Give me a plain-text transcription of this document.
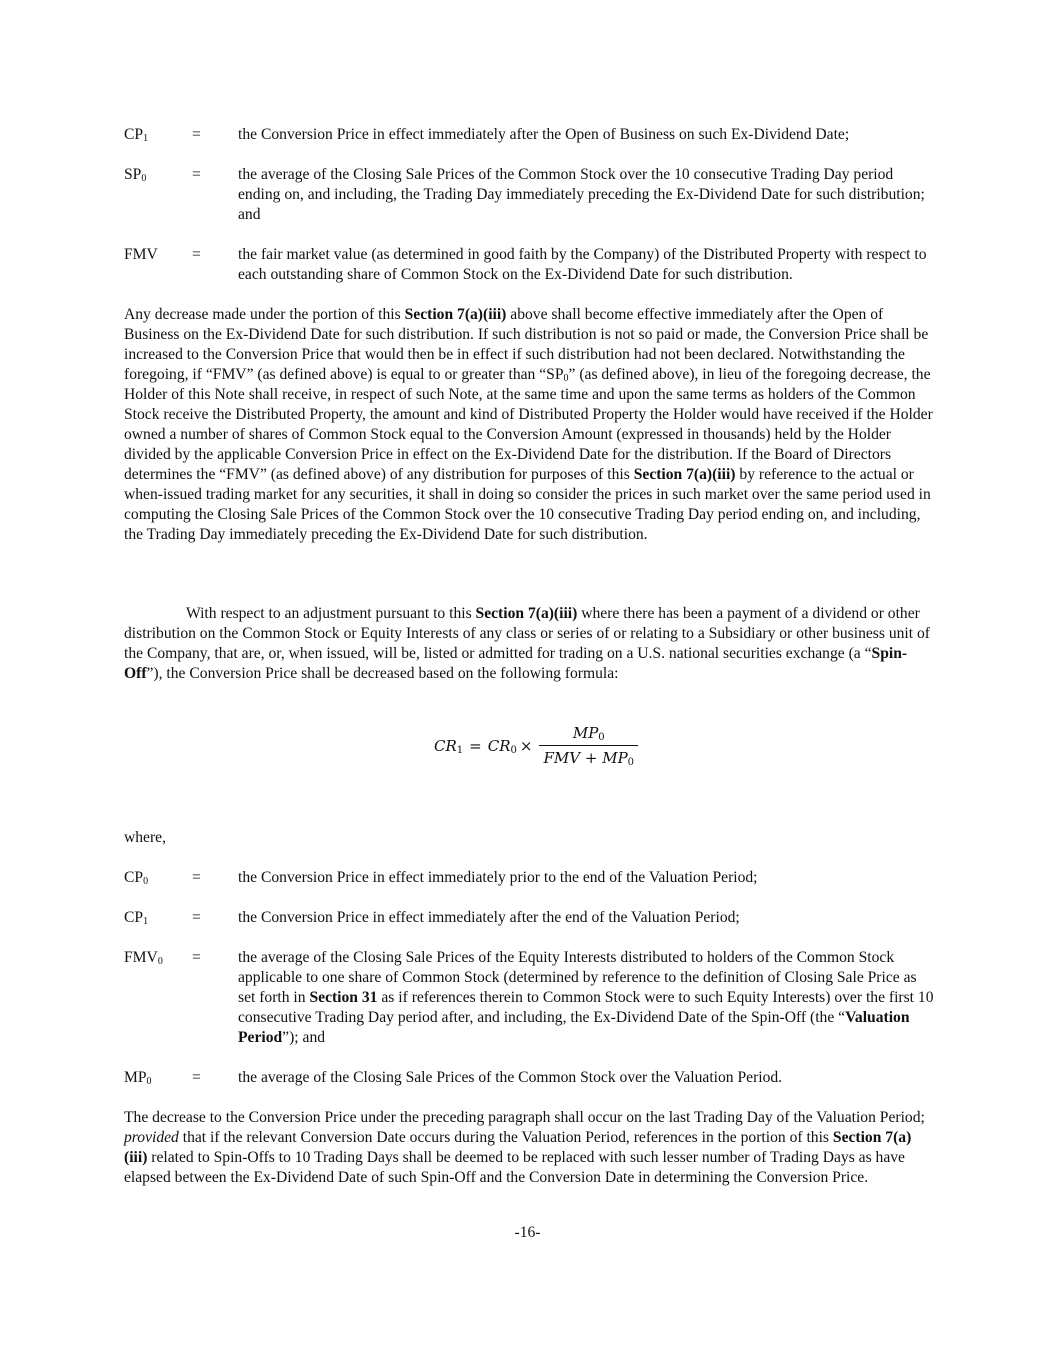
$CP_1$	= the Conversion Price in effect immediately after the Open of Business on such Ex-Dividend Date;
$SP_0$	= the average of the Closing Sale Prices of the Common Stock over the 10 consecutive Trading Day period ending on, and including, the Trading Day immediately preceding the Ex-Dividend Date for such distribution; and
FMV = the fair market value (as determined in good faith by the Company) of the Distributed Property with respect to each outstanding share of Common Stock on the Ex-Dividend Date for such distribution.

Any decrease made under the portion of this Section 7(a)(iii) above shall become effective immediately after the Open of Business on the Ex-Dividend Date for such distribution. If such distribution is not so paid or made, the Conversion Price shall be increased to the Conversion Price that would then be in effect if such distribution had not been declared. Notwithstanding the foregoing, if “FMV” (as defined above) is equal to or greater than “$SP_0$” (as defined above), in lieu of the foregoing decrease, the Holder of this Note shall receive, in respect of such Note, at the same time and upon the same terms as holders of the Common Stock receive the Distributed Property, the amount and kind of Distributed Property the Holder would have received if the Holder owned a number of shares of Common Stock equal to the Conversion Amount (expressed in thousands) held by the Holder divided by the applicable Conversion Price in effect on the Ex-Dividend Date for the distribution. If the Board of Directors determines the “FMV” (as defined above) of any distribution for purposes of this Section 7(a)(iii) by reference to the actual or when-issued trading market for any securities, it shall in doing so consider the prices in such market over the same period used in computing the Closing Sale Prices of the Common Stock over the 10 consecutive Trading Day period ending on, and including, the Trading Day immediately preceding the Ex-Dividend Date for such distribution.

With respect to an adjustment pursuant to this Section 7(a)(iii) where there has been a payment of a dividend or other distribution on the Common Stock or Equity Interests of any class or series of or relating to a Subsidiary or other business unit of the Company, that are, or, when issued, will be, listed or admitted for trading on a U.S. national securities exchange (a “Spin-Off”), the Conversion Price shall be decreased based on the following formula:

$CR_1 = CR_0 \times \frac{MP_0}{FMV + MP_0}$

where,

$CP_0$	= the Conversion Price in effect immediately prior to the end of the Valuation Period;
$CP_1$	= the Conversion Price in effect immediately after the end of the Valuation Period;
$FMV_0$ = the average of the Closing Sale Prices of the Equity Interests distributed to holders of the Common Stock applicable to one share of Common Stock (determined by reference to the definition of Closing Sale Price as set forth in Section 31 as if references therein to Common Stock were to such Equity Interests) over the first 10 consecutive Trading Day period after, and including, the Ex-Dividend Date of the Spin-Off (the “Valuation Period”); and
$MP_0$	= the average of the Closing Sale Prices of the Common Stock over the Valuation Period.

The decrease to the Conversion Price under the preceding paragraph shall occur on the last Trading Day of the Valuation Period; provided that if the relevant Conversion Date occurs during the Valuation Period, references in the portion of this Section 7(a)(iii) related to Spin-Offs to 10 Trading Days shall be deemed to be replaced with such lesser number of Trading Days as have elapsed between the Ex-Dividend Date of such Spin-Off and the Conversion Date in determining the Conversion Price.

-16-
